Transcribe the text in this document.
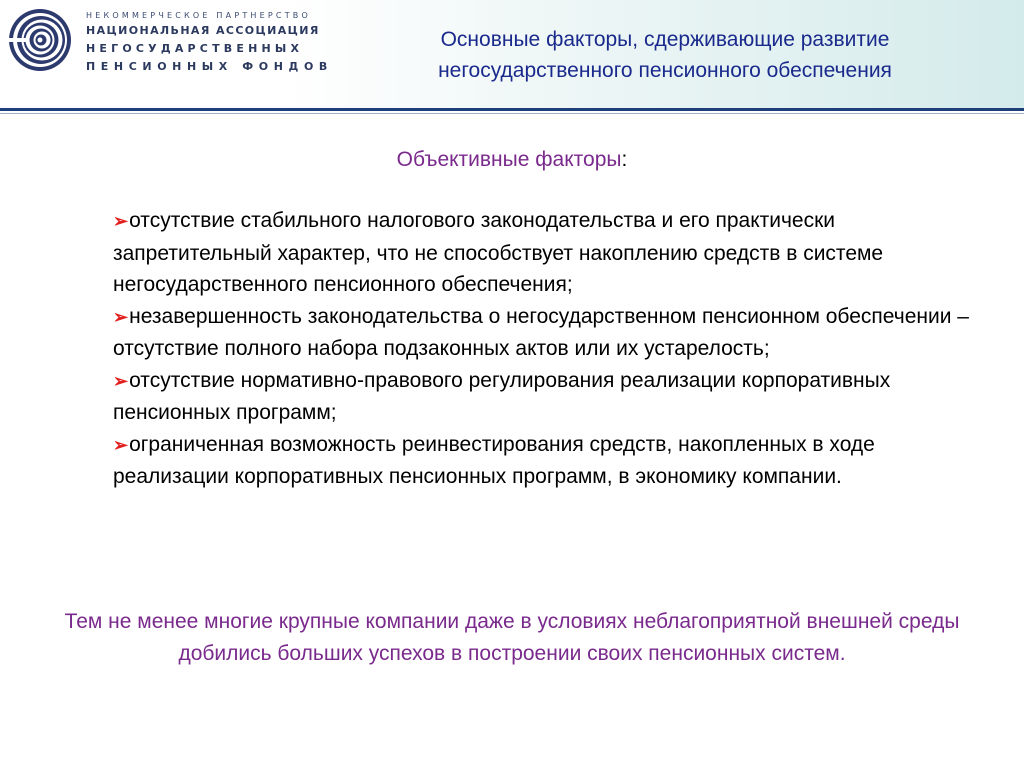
НЕКОММЕРЧЕСКОЕ ПАРТНЕРСТВО
НАЦИОНАЛЬНАЯ АССОЦИАЦИЯ
НЕГОСУДАРСТВЕННЫХ
ПЕНСИОННЫХ ФОНДОВ
Основные факторы, сдерживающие развитие
негосударственного пенсионного обеспечения
Объективные факторы:
➢отсутствие стабильного налогового законодательства и его практически запретительный характер, что не способствует накоплению средств в системе негосударственного пенсионного обеспечения;
➢незавершенность законодательства о негосударственном пенсионном обеспечении – отсутствие полного набора подзаконных актов или их устарелость;
➢отсутствие нормативно-правового регулирования реализации корпоративных пенсионных программ;
➢ограниченная возможность реинвестирования средств, накопленных в ходе реализации корпоративных пенсионных программ, в экономику компании.
Тем не менее многие крупные компании даже в условиях неблагоприятной внешней среды добились больших успехов в построении своих пенсионных систем.
